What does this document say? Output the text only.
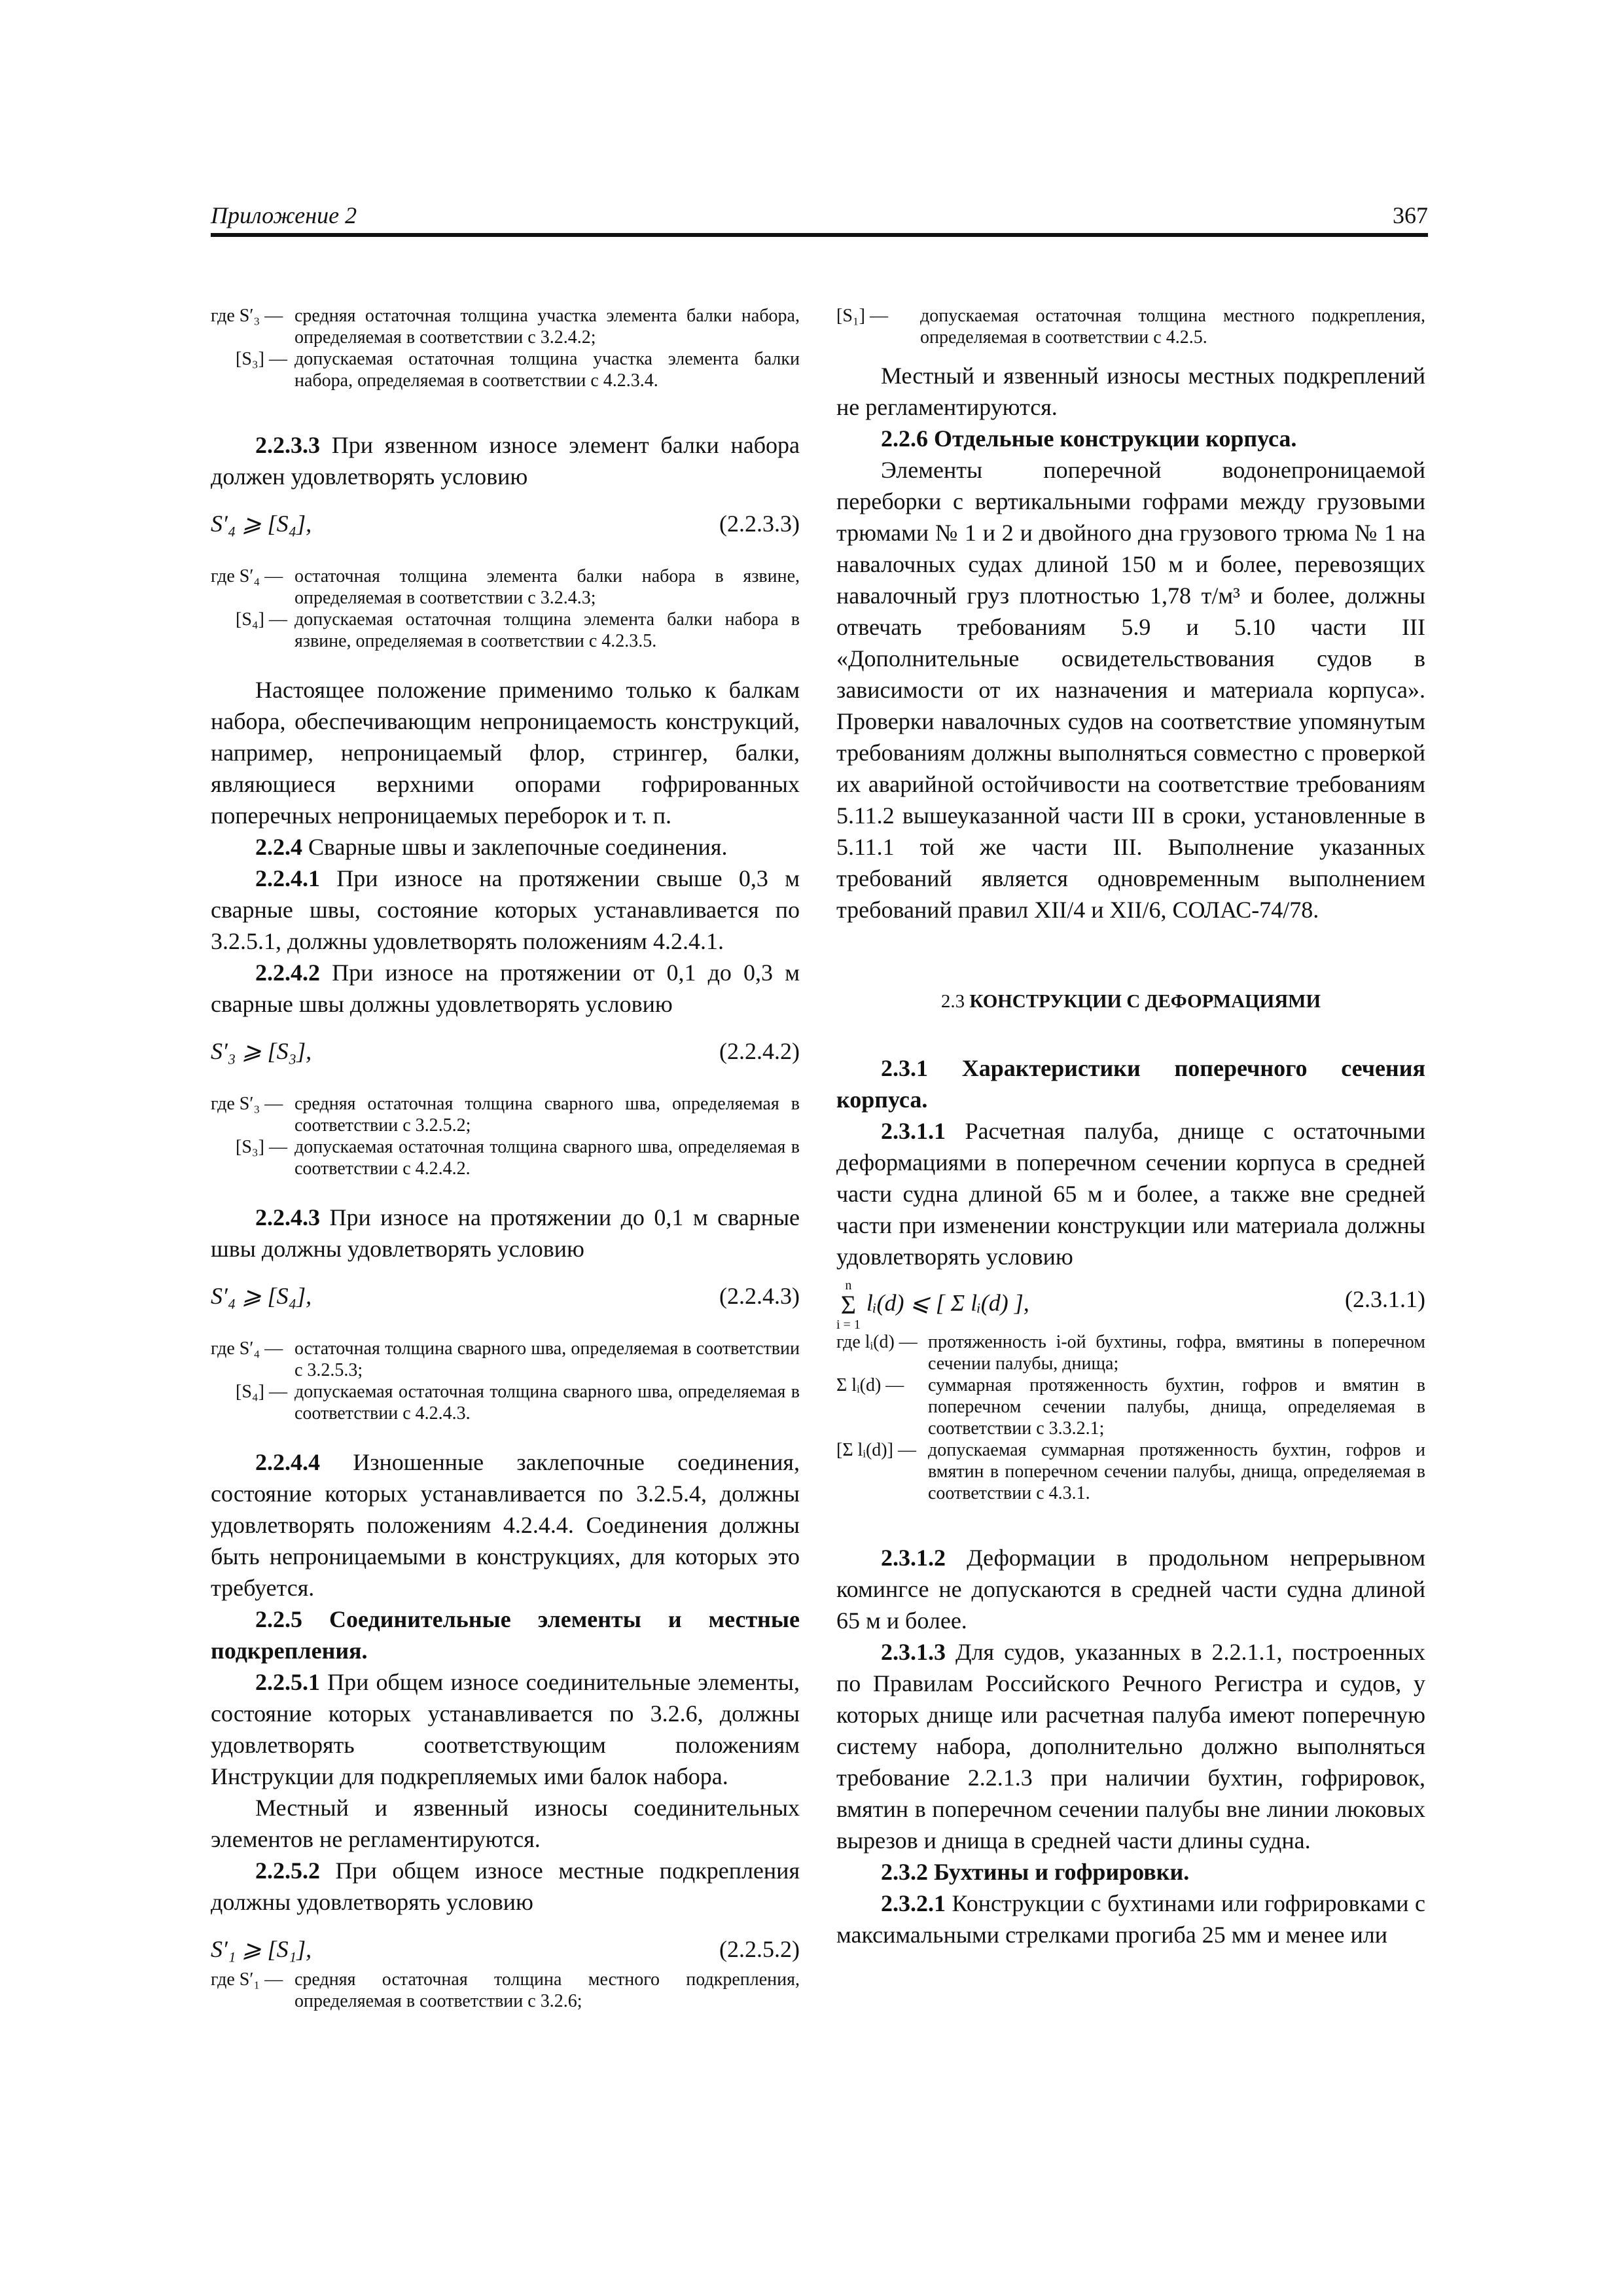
Приложение 2	367
где S′₃ — средняя остаточная толщина участка элемента балки набора, определяемая в соответствии с 3.2.4.2;
[S₃] — допускаемая остаточная толщина участка элемента балки набора, определяемая в соответствии с 4.2.3.4.

2.2.3.3 При язвенном износе элемент балки набора должен удовлетворять условию

S′₄ ⩾ [S₄],	(2.2.3.3)
где S′₄ — остаточная толщина элемента балки набора в язвине, определяемая в соответствии с 3.2.4.3;
[S₄] — допускаемая остаточная толщина элемента балки набора в язвине, определяемая в соответствии с 4.2.3.5.

Настоящее положение применимо только к балкам набора, обеспечивающим непроницаемость конструкций, например, непроницаемый флор, стрингер, балки, являющиеся верхними опорами гофрированных поперечных непроницаемых переборок и т. п.

2.2.4 Сварные швы и заклепочные соединения.

2.2.4.1 При износе на протяжении свыше 0,3 м сварные швы, состояние которых устанавливается по 3.2.5.1, должны удовлетворять положениям 4.2.4.1.

2.2.4.2 При износе на протяжении от 0,1 до 0,3 м сварные швы должны удовлетворять условию

S′₃ ⩾ [S₃],	(2.2.4.2)
где S′₃ — средняя остаточная толщина сварного шва, определяемая в соответствии с 3.2.5.2;
[S₃] — допускаемая остаточная толщина сварного шва, определяемая в соответствии с 4.2.4.2.

2.2.4.3 При износе на протяжении до 0,1 м сварные швы должны удовлетворять условию

S′₄ ⩾ [S₄],	(2.2.4.3)
где S′₄ — остаточная толщина сварного шва, определяемая в соответствии с 3.2.5.3;
[S₄] — допускаемая остаточная толщина сварного шва, определяемая в соответствии с 4.2.4.3.

2.2.4.4 Изношенные заклепочные соединения, состояние которых устанавливается по 3.2.5.4, должны удовлетворять положениям 4.2.4.4. Соединения должны быть непроницаемыми в конструкциях, для которых это требуется.

2.2.5 Соединительные элементы и местные подкрепления.

2.2.5.1 При общем износе соединительные элементы, состояние которых устанавливается по 3.2.6, должны удовлетворять соответствующим положениям Инструкции для подкрепляемых ими балок набора.

Местный и язвенный износы соединительных элементов не регламентируются.

2.2.5.2 При общем износе местные подкрепления должны удовлетворять условию

S′₁ ⩾ [S₁],	(2.2.5.2)
где S′₁ — средняя остаточная толщина местного подкрепления, определяемая в соответствии с 3.2.6;
[S₁] — допускаемая остаточная толщина местного подкрепления, определяемая в соответствии с 4.2.5.

Местный и язвенный износы местных подкреплений не регламентируются.

2.2.6 Отдельные конструкции корпуса.

Элементы поперечной водонепроницаемой переборки с вертикальными гофрами между грузовыми трюмами № 1 и 2 и двойного дна грузового трюма № 1 на навалочных судах длиной 150 м и более, перевозящих навалочный груз плотностью 1,78 т/м³ и более, должны отвечать требованиям 5.9 и 5.10 части III «Дополнительные освидетельствования судов в зависимости от их назначения и материала корпуса». Проверки навалочных судов на соответствие упомянутым требованиям должны выполняться совместно с проверкой их аварийной остойчивости на соответствие требованиям 5.11.2 вышеуказанной части III в сроки, установленные в 5.11.1 той же части III. Выполнение указанных требований является одновременным выполнением требований правил XII/4 и XII/6, СОЛАС-74/78.

2.3 КОНСТРУКЦИИ С ДЕФОРМАЦИЯМИ

2.3.1 Характеристики поперечного сечения корпуса.

2.3.1.1 Расчетная палуба, днище с остаточными деформациями в поперечном сечении корпуса в средней части судна длиной 65 м и более, а также вне средней части при изменении конструкции или материала должны удовлетворять условию

n
Σ
i = 1
lᵢ(d) ⩽ [ Σ lᵢ(d) ],	(2.3.1.1)
где lᵢ(d) — протяженность i-ой бухтины, гофра, вмятины в поперечном сечении палубы, днища;
Σ lᵢ(d) — суммарная протяженность бухтин, гофров и вмятин в поперечном сечении палубы, днища, определяемая в соответствии с 3.3.2.1;
[Σ lᵢ(d)] — допускаемая суммарная протяженность бухтин, гофров и вмятин в поперечном сечении палубы, днища, определяемая в соответствии с 4.3.1.

2.3.1.2 Деформации в продольном непрерывном комингсе не допускаются в средней части судна длиной 65 м и более.

2.3.1.3 Для судов, указанных в 2.2.1.1, построенных по Правилам Российского Речного Регистра и судов, у которых днище или расчетная палуба имеют поперечную систему набора, дополнительно должно выполняться требование 2.2.1.3 при наличии бухтин, гофрировок, вмятин в поперечном сечении палубы вне линии люковых вырезов и днища в средней части длины судна.

2.3.2 Бухтины и гофрировки.

2.3.2.1 Конструкции с бухтинами или гофрировками с максимальными стрелками прогиба 25 мм и менее или
